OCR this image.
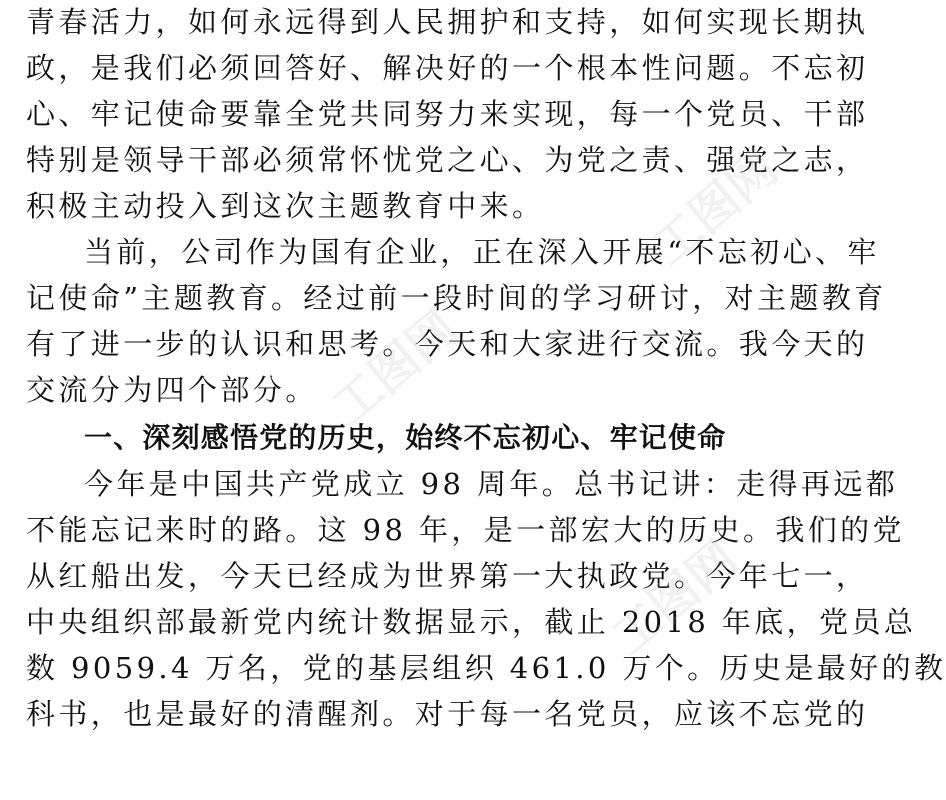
青春活力，如何永远得到人民拥护和支持，如何实现长期执
政，是我们必须回答好、解决好的一个根本性问题。不忘初
心、牢记使命要靠全党共同努力来实现，每一个党员、干部
特别是领导干部必须常怀忧党之心、为党之责、强党之志，
积极主动投入到这次主题教育中来。
当前，公司作为国有企业，正在深入开展“不忘初心、牢
记使命”主题教育。经过前一段时间的学习研讨，对主题教育
有了进一步的认识和思考。今天和大家进行交流。我今天的
交流分为四个部分。
一、深刻感悟党的历史，始终不忘初心、牢记使命
今年是中国共产党成立 98 周年。总书记讲：走得再远都
不能忘记来时的路。这 98 年，是一部宏大的历史。我们的党
从红船出发，今天已经成为世界第一大执政党。今年七一，
中央组织部最新党内统计数据显示，截止 2018 年底，党员总
数 9059.4 万名，党的基层组织 461.0 万个。历史是最好的教
科书，也是最好的清醒剂。对于每一名党员，应该不忘党的
工图网
工图网
工图网
